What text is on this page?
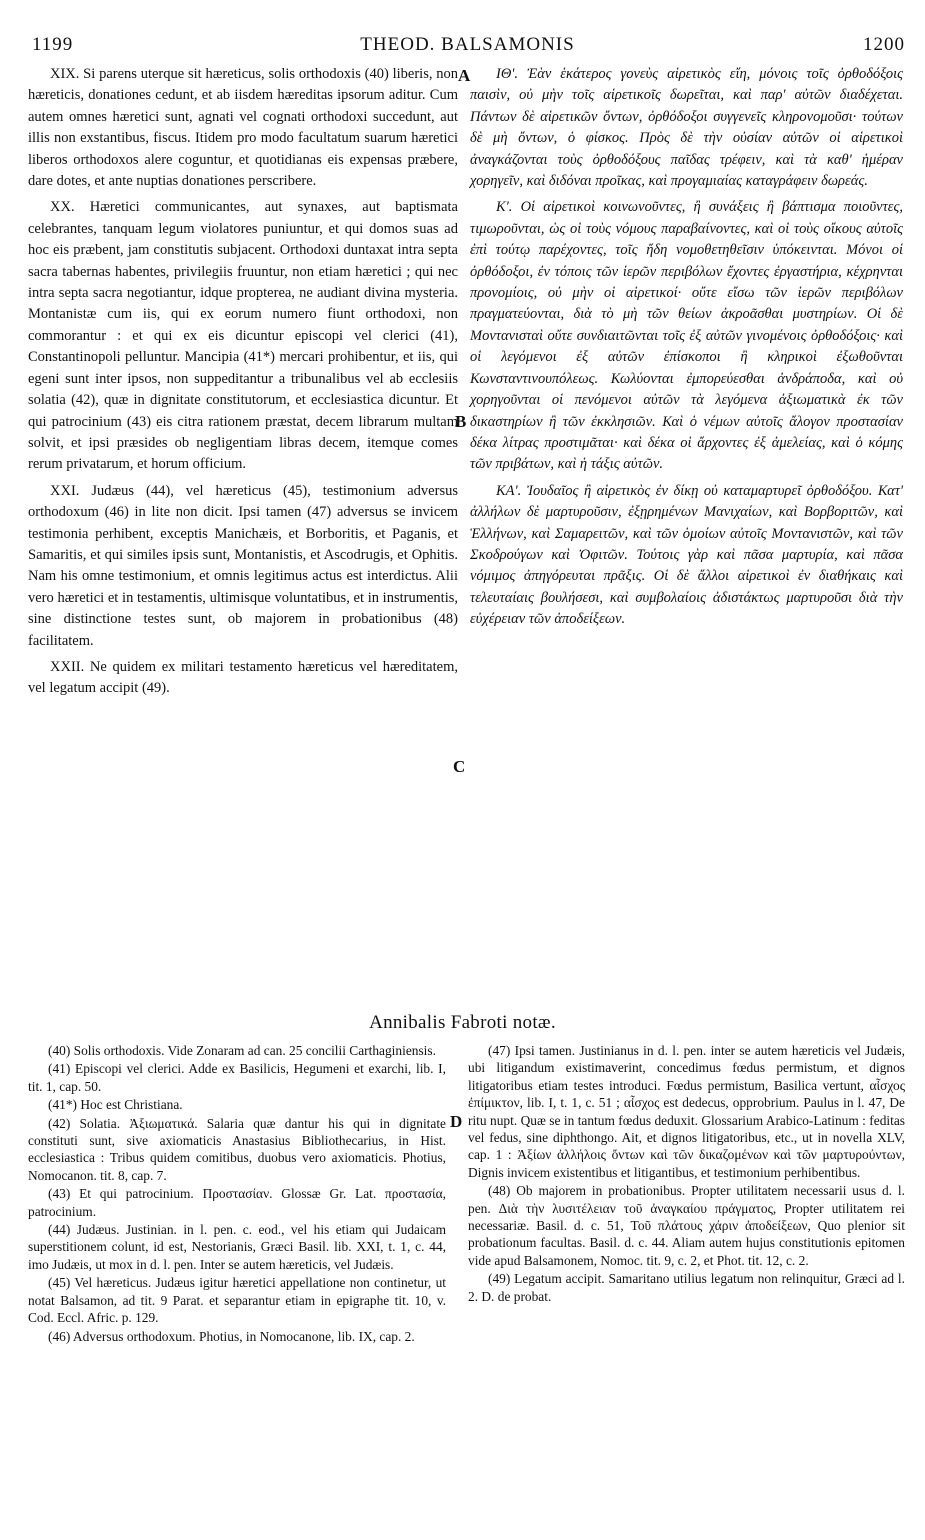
1199	THEOD. BALSAMONIS	1200

XIX. Si parens uterque sit hæreticus, solis orthodoxis (40) liberis, non hæreticis, donationes cedunt, et ab iisdem hæreditas ipsorum aditur. Cum autem omnes hæretici sunt, agnati vel cognati orthodoxi succedunt, aut illis non exstantibus, fiscus. Itidem pro modo facultatum suarum hæretici liberos orthodoxos alere coguntur, et quotidianas eis expensas præbere, dare dotes, et ante nuptias donationes perscribere.

XX. Hæretici communicantes, aut synaxes, aut baptismata celebrantes, tanquam legum violatores puniuntur, et qui domos suas ad hoc eis præbent, jam constitutis subjacent. Orthodoxi duntaxat intra septa sacra tabernas habentes, privilegiis fruuntur, non etiam hæretici ; qui nec intra septa sacra negotiantur, idque propterea, ne audiant divina mysteria. Montanistæ cum iis, qui ex eorum numero fiunt orthodoxi, non commorantur : et qui ex eis dicuntur episcopi vel clerici (41), Constantinopoli pelluntur. Mancipia (41*) mercari prohibentur, et iis, qui egeni sunt inter ipsos, non suppeditantur a tribunalibus vel ab ecclesiis solatia (42), quæ in dignitate constitutorum, et ecclesiastica dicuntur. Et qui patrocinium (43) eis citra rationem præstat, decem librarum multam solvit, et ipsi præsides ob negligentiam libras decem, itemque comes rerum privatarum, et horum officium.

XXI. Judæus (44), vel hæreticus (45), testimonium adversus orthodoxum (46) in lite non dicit. Ipsi tamen (47) adversus se invicem testimonia perhibent, exceptis Manichæis, et Borboritis, et Paganis, et Samaritis, et qui similes ipsis sunt, Montanistis, et Ascodrugis, et Ophitis. Nam his omne testimonium, et omnis legitimus actus est interdictus. Alii vero hæretici et in testamentis, ultimisque voluntatibus, et in instrumentis, sine distinctione testes sunt, ob majorem in probationibus (48) facilitatem.

XXII. Ne quidem ex militari testamento hæreticus vel hæreditatem, vel legatum accipit (49).

ΙΘʹ. Ἐὰν ἑκάτερος γονεὺς αἱρετικὸς εἴη, μόνοις τοῖς ὀρθοδόξοις παισὶν, οὐ μὴν τοῖς αἱρετικοῖς δωρεῖται, καὶ παρ' αὐτῶν διαδέχεται. Πάντων δὲ αἱρετικῶν ὄντων, ὀρθόδοξοι συγγενεῖς κληρονομοῦσι· τούτων δὲ μὴ ὄντων, ὁ φίσκος. Πρὸς δὲ τὴν οὐσίαν αὐτῶν οἱ αἱρετικοὶ ἀναγκάζονται τοὺς ὀρθοδόξους παῖδας τρέφειν, καὶ τὰ καθ' ἡμέραν χορηγεῖν, καὶ διδόναι προῖκας, καὶ προγαμιαίας καταγράφειν δωρεάς.

Κʹ. Οἱ αἱρετικοὶ κοινωνοῦντες, ἢ συνάξεις ἢ βάπτισμα ποιοῦντες, τιμωροῦνται, ὡς οἱ τοὺς νόμους παραβαίνοντες, καὶ οἱ τοὺς οἴκους αὐτοῖς ἐπὶ τούτῳ παρέχοντες, τοῖς ἤδη νομοθετηθεῖσιν ὑπόκεινται. Μόνοι οἱ ὀρθόδοξοι, ἐν τόποις τῶν ἱερῶν περιβόλων ἔχοντες ἐργαστήρια, κέχρηνται προνομίοις, οὐ μὴν οἱ αἱρετικοί· οὔτε εἴσω τῶν ἱερῶν περιβόλων πραγματεύονται, διὰ τὸ μὴ τῶν θείων ἀκροᾶσθαι μυστηρίων. Οἱ δὲ Μοντανισταὶ οὔτε συνδιαιτῶνται τοῖς ἐξ αὐτῶν γινομένοις ὀρθοδόξοις· καὶ οἱ λεγόμενοι ἐξ αὐτῶν ἐπίσκοποι ἢ κληρικοὶ ἐξωθοῦνται Κωνσταντινουπόλεως. Κωλύονται ἐμπορεύεσθαι ἀνδράποδα, καὶ οὐ χορηγοῦνται οἱ πενόμενοι αὐτῶν τὰ λεγόμενα ἀξιωματικὰ ἐκ τῶν δικαστηρίων ἢ τῶν ἐκκλησιῶν. Καὶ ὁ νέμων αὐτοῖς ἄλογον προστασίαν δέκα λίτρας προστιμᾶται· καὶ δέκα οἱ ἄρχοντες ἐξ ἀμελείας, καὶ ὁ κόμης τῶν πριβάτων, καὶ ἡ τάξις αὐτῶν.

ΚΑʹ. Ἰουδαῖος ἢ αἱρετικὸς ἐν δίκῃ οὐ καταμαρτυρεῖ ὀρθοδόξου. Κατ' ἀλλήλων δὲ μαρτυροῦσιν, ἐξῃρημένων Μανιχαίων, καὶ Βορβοριτῶν, καὶ Ἑλλήνων, καὶ Σαμαρειτῶν, καὶ τῶν ὁμοίων αὐτοῖς Μοντανιστῶν, καὶ τῶν Σκοδρούγων καὶ Ὀφιτῶν. Τούτοις γὰρ καὶ πᾶσα μαρτυρία, καὶ πᾶσα νόμιμος ἀπηγόρευται πρᾶξις. Οἱ δὲ ἄλλοι αἱρετικοὶ ἐν διαθήκαις καὶ τελευταίαις βουλήσεσι, καὶ συμβολαίοις ἀδιστάκτως μαρτυροῦσι διὰ τὴν εὐχέρειαν τῶν ἀποδείξεων.

A
B
C
D
Annibalis Fabroti notæ.

(40) Solis orthodoxis. Vide Zonaram ad can. 25 concilii Carthaginiensis.

(41) Episcopi vel clerici. Adde ex Basilicis, Hegumeni et exarchi, lib. I, tit. 1, cap. 50.

(41*) Hoc est Christiana.

(42) Solatia. Ἀξιωματικά. Salaria quæ dantur his qui in dignitate constituti sunt, sive axiomaticis Anastasius Bibliothecarius, in Hist. ecclesiastica : Tribus quidem comitibus, duobus vero axiomaticis. Photius, Nomocanon. tit. 8, cap. 7.

(43) Et qui patrocinium. Προστασίαν. Glossæ Gr. Lat. προστασία, patrocinium.

(44) Judæus. Justinian. in l. pen. c. eod., vel his etiam qui Judaicam superstitionem colunt, id est, Nestorianis, Græci Basil. lib. XXI, t. 1, c. 44, imo Judæis, ut mox in d. l. pen. Inter se autem hæreticis, vel Judæis.

(45) Vel hæreticus. Judæus igitur hæretici appellatione non continetur, ut notat Balsamon, ad tit. 9 Parat. et separantur etiam in epigraphe tit. 10, v. Cod. Eccl. Afric. p. 129.

(46) Adversus orthodoxum. Photius, in Nomocanone, lib. IX, cap. 2.

(47) Ipsi tamen. Justinianus in d. l. pen. inter se autem hæreticis vel Judæis, ubi litigandum existimaverint, concedimus fœdus permistum, et dignos litigatoribus etiam testes introduci. Fœdus permistum, Basilica vertunt, αἶσχος ἐπίμικτον, lib. I, t. 1, c. 51 ; αἶσχος est dedecus, opprobrium. Paulus in l. 47, De ritu nupt. Quæ se in tantum fœdus deduxit. Glossarium Arabico-Latinum : feditas vel fedus, sine diphthongo. Ait, et dignos litigatoribus, etc., ut in novella XLV, cap. 1 : Ἀξίων ἀλλήλοις ὄντων καὶ τῶν δικαζομένων καὶ τῶν μαρτυρούντων, Dignis invicem existentibus et litigantibus, et testimonium perhibentibus.

(48) Ob majorem in probationibus. Propter utilitatem necessarii usus d. l. pen. Διὰ τὴν λυσιτέλειαν τοῦ ἀναγκαίου πράγματος, Propter utilitatem rei necessariæ. Basil. d. c. 51, Τοῦ πλάτους χάριν ἀποδείξεων, Quo plenior sit probationum facultas. Basil. d. c. 44. Aliam autem hujus constitutionis epitomen vide apud Balsamonem, Nomoc. tit. 9, c. 2, et Phot. tit. 12, c. 2.

(49) Legatum accipit. Samaritano utilius legatum non relinquitur, Græci ad l. 2. D. de probat.
